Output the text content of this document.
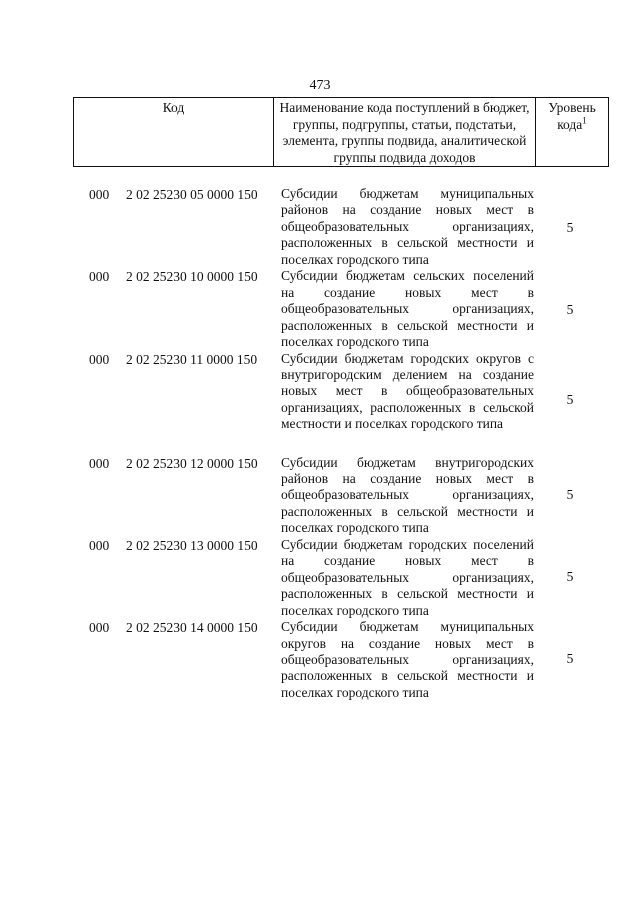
473
Код	Наименование кода поступлений в бюджет, группы, подгруппы, статьи, подстатьи, элемента, группы подвида, аналитической группы подвида доходов
Уровень кода$^1$
000 2 02 25230 05 0000 150 Субсидии бюджетам муниципальных районов на создание новых мест в общеобразовательных организациях, расположенных в сельской местности и поселках городского типа
5
000 2 02 25230 10 0000 150 Субсидии бюджетам сельских поселений на создание новых мест в общеобразовательных организациях, расположенных в сельской местности и поселках городского типа
5
000 2 02 25230 11 0000 150 Субсидии бюджетам городских округов с внутригородским делением на создание новых мест в общеобразовательных организациях, расположенных в сельской местности и поселках городского типа
5
000 2 02 25230 12 0000 150 Субсидии бюджетам внутригородских районов на создание новых мест в общеобразовательных организациях, расположенных в сельской местности и поселках городского типа
5
000 2 02 25230 13 0000 150 Субсидии бюджетам городских поселений на создание новых мест в общеобразовательных организациях, расположенных в сельской местности и поселках городского типа
5
000 2 02 25230 14 0000 150 Субсидии бюджетам муниципальных округов на создание новых мест в общеобразовательных организациях, расположенных в сельской местности и поселках городского типа
5
